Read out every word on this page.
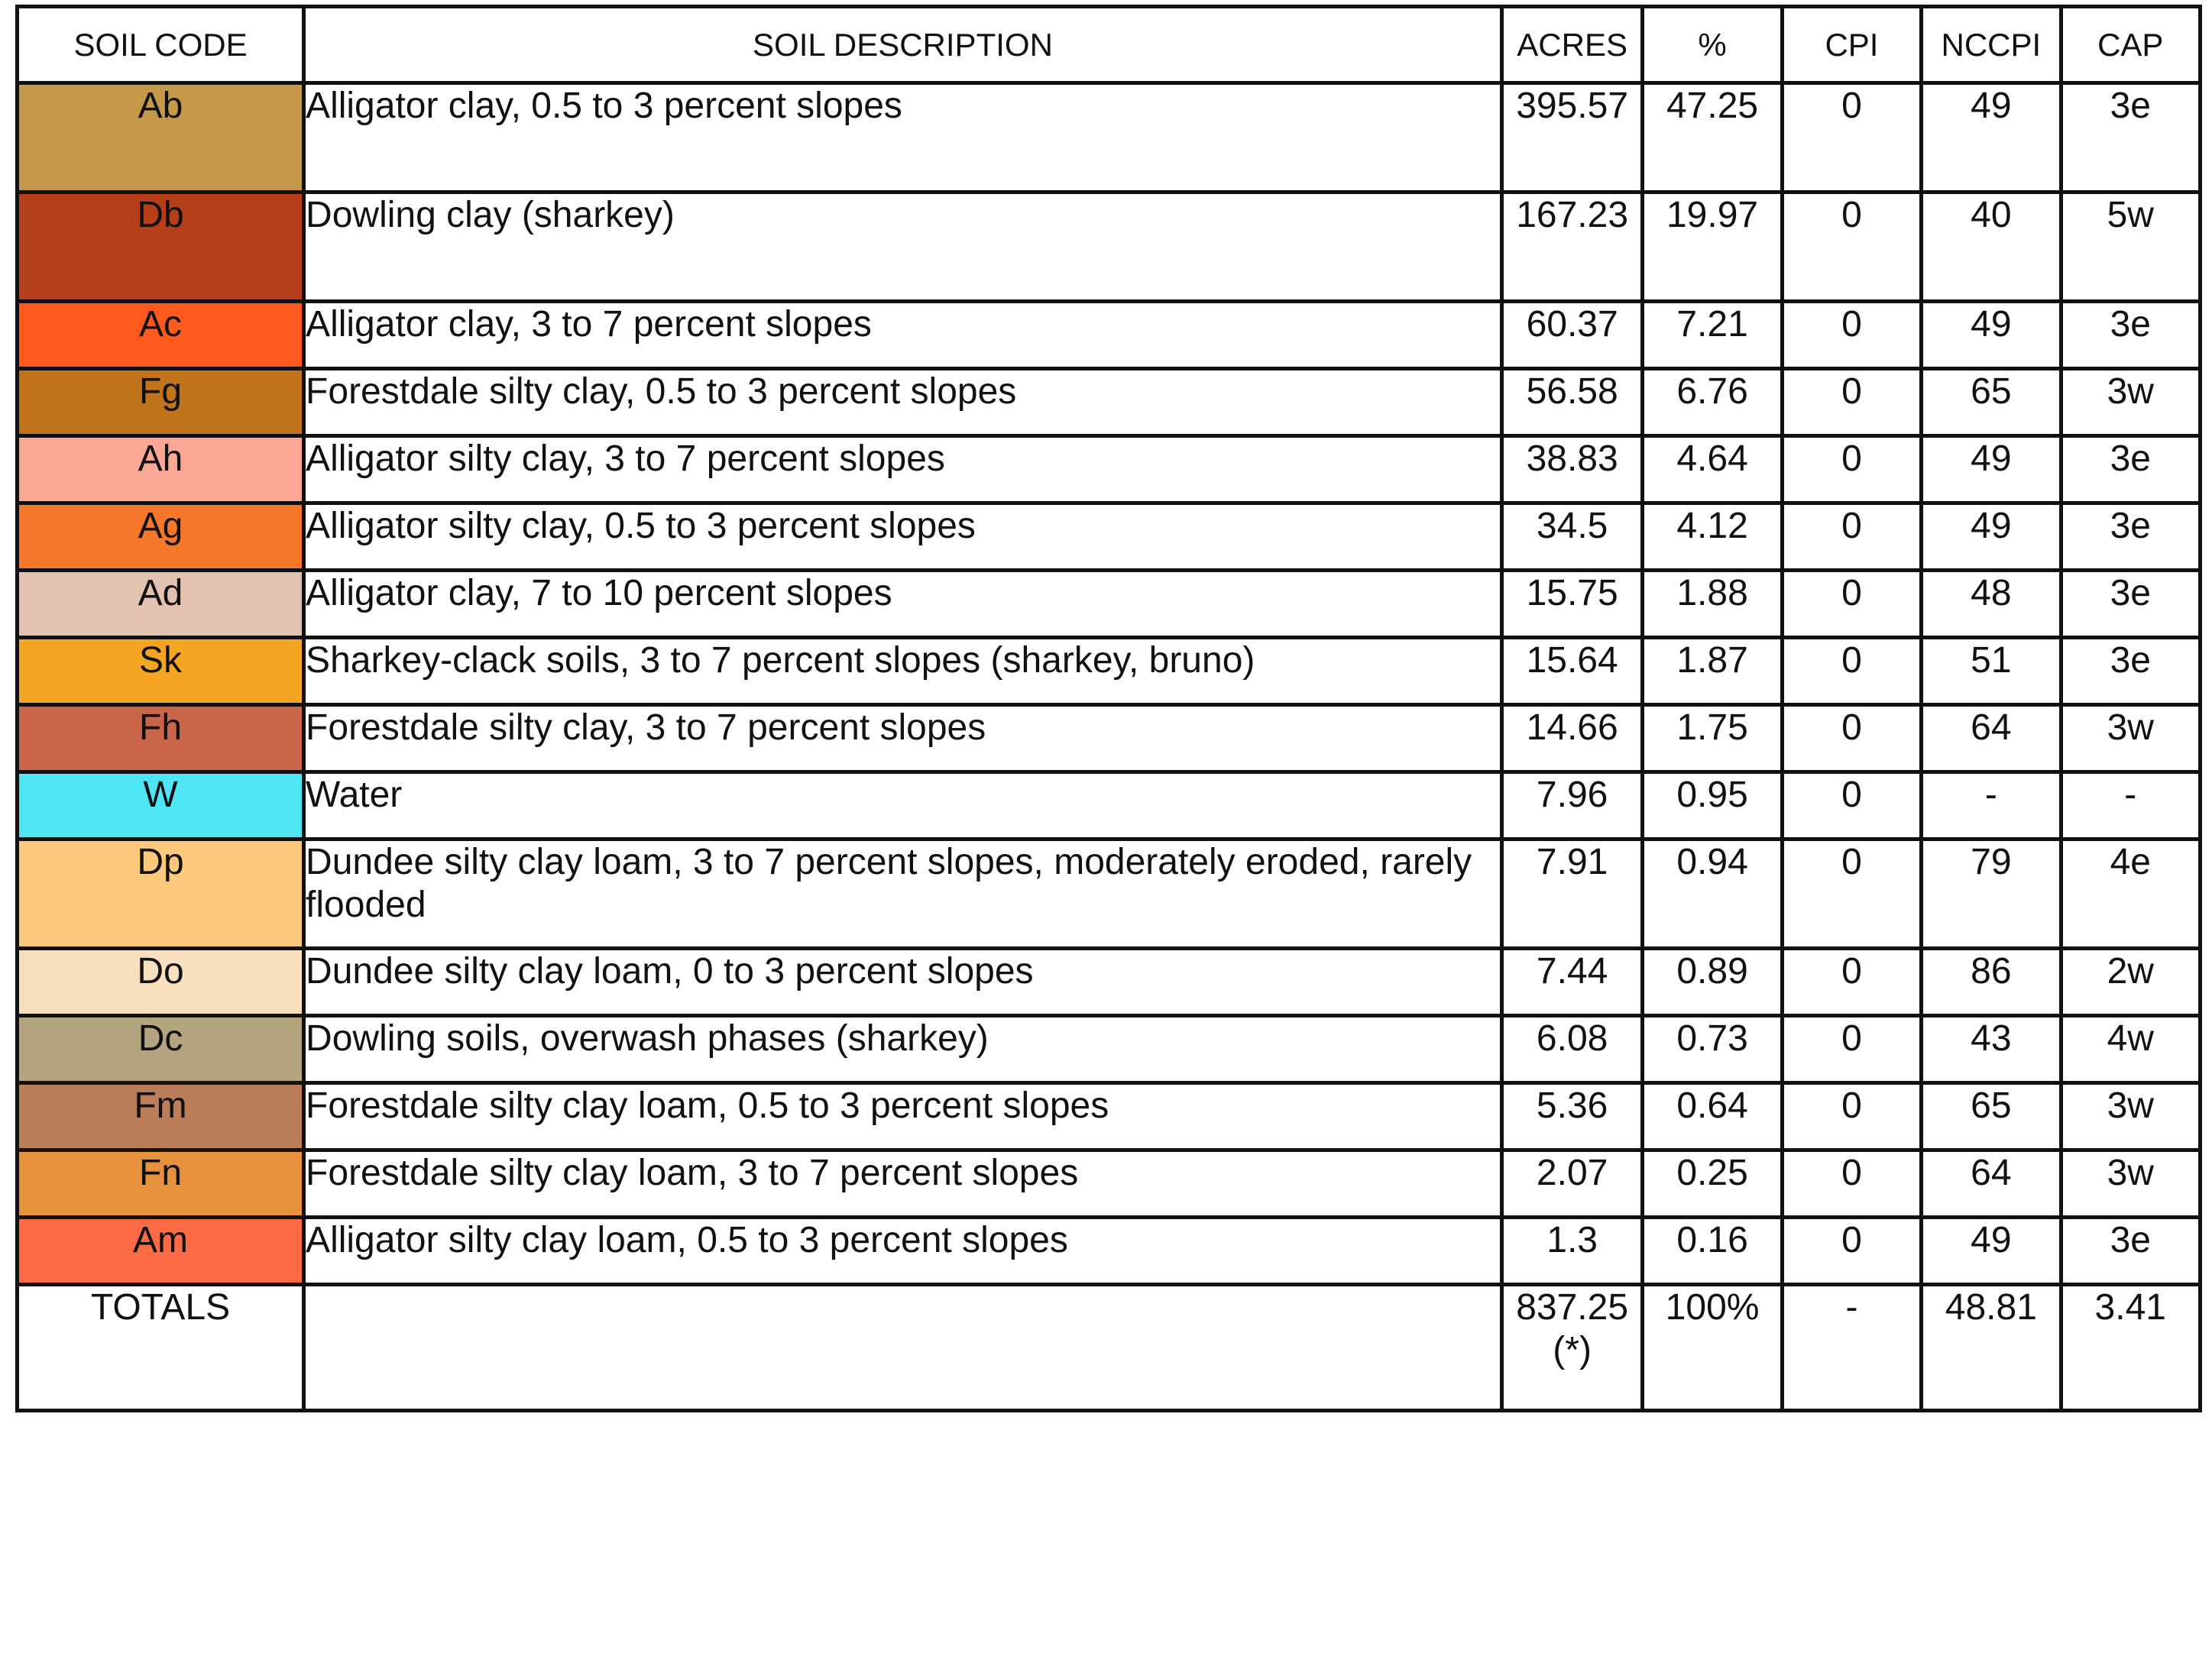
SOIL CODE	SOIL DESCRIPTION	ACRES	%	CPI	NCCPI	CAP
Ab	Alligator clay, 0.5 to 3 percent slopes	395.57	47.25	0	49	3e
Db	Dowling clay (sharkey)	167.23	19.97	0	40	5w
Ac	Alligator clay, 3 to 7 percent slopes	60.37	7.21	0	49	3e
Fg	Forestdale silty clay, 0.5 to 3 percent slopes	56.58	6.76	0	65	3w
Ah	Alligator silty clay, 3 to 7 percent slopes	38.83	4.64	0	49	3e
Ag	Alligator silty clay, 0.5 to 3 percent slopes	34.5	4.12	0	49	3e
Ad	Alligator clay, 7 to 10 percent slopes	15.75	1.88	0	48	3e
Sk	Sharkey-clack soils, 3 to 7 percent slopes (sharkey, bruno)	15.64	1.87	0	51	3e
Fh	Forestdale silty clay, 3 to 7 percent slopes	14.66	1.75	0	64	3w
W	Water	7.96	0.95	0	-	-
Dp	Dundee silty clay loam, 3 to 7 percent slopes, moderately eroded, rarely flooded	7.91	0.94	0	79	4e
Do	Dundee silty clay loam, 0 to 3 percent slopes	7.44	0.89	0	86	2w
Dc	Dowling soils, overwash phases (sharkey)	6.08	0.73	0	43	4w
Fm	Forestdale silty clay loam, 0.5 to 3 percent slopes	5.36	0.64	0	65	3w
Fn	Forestdale silty clay loam, 3 to 7 percent slopes	2.07	0.25	0	64	3w
Am	Alligator silty clay loam, 0.5 to 3 percent slopes	1.3	0.16	0	49	3e
TOTALS		837.25(*)	100%	-	48.81	3.41
